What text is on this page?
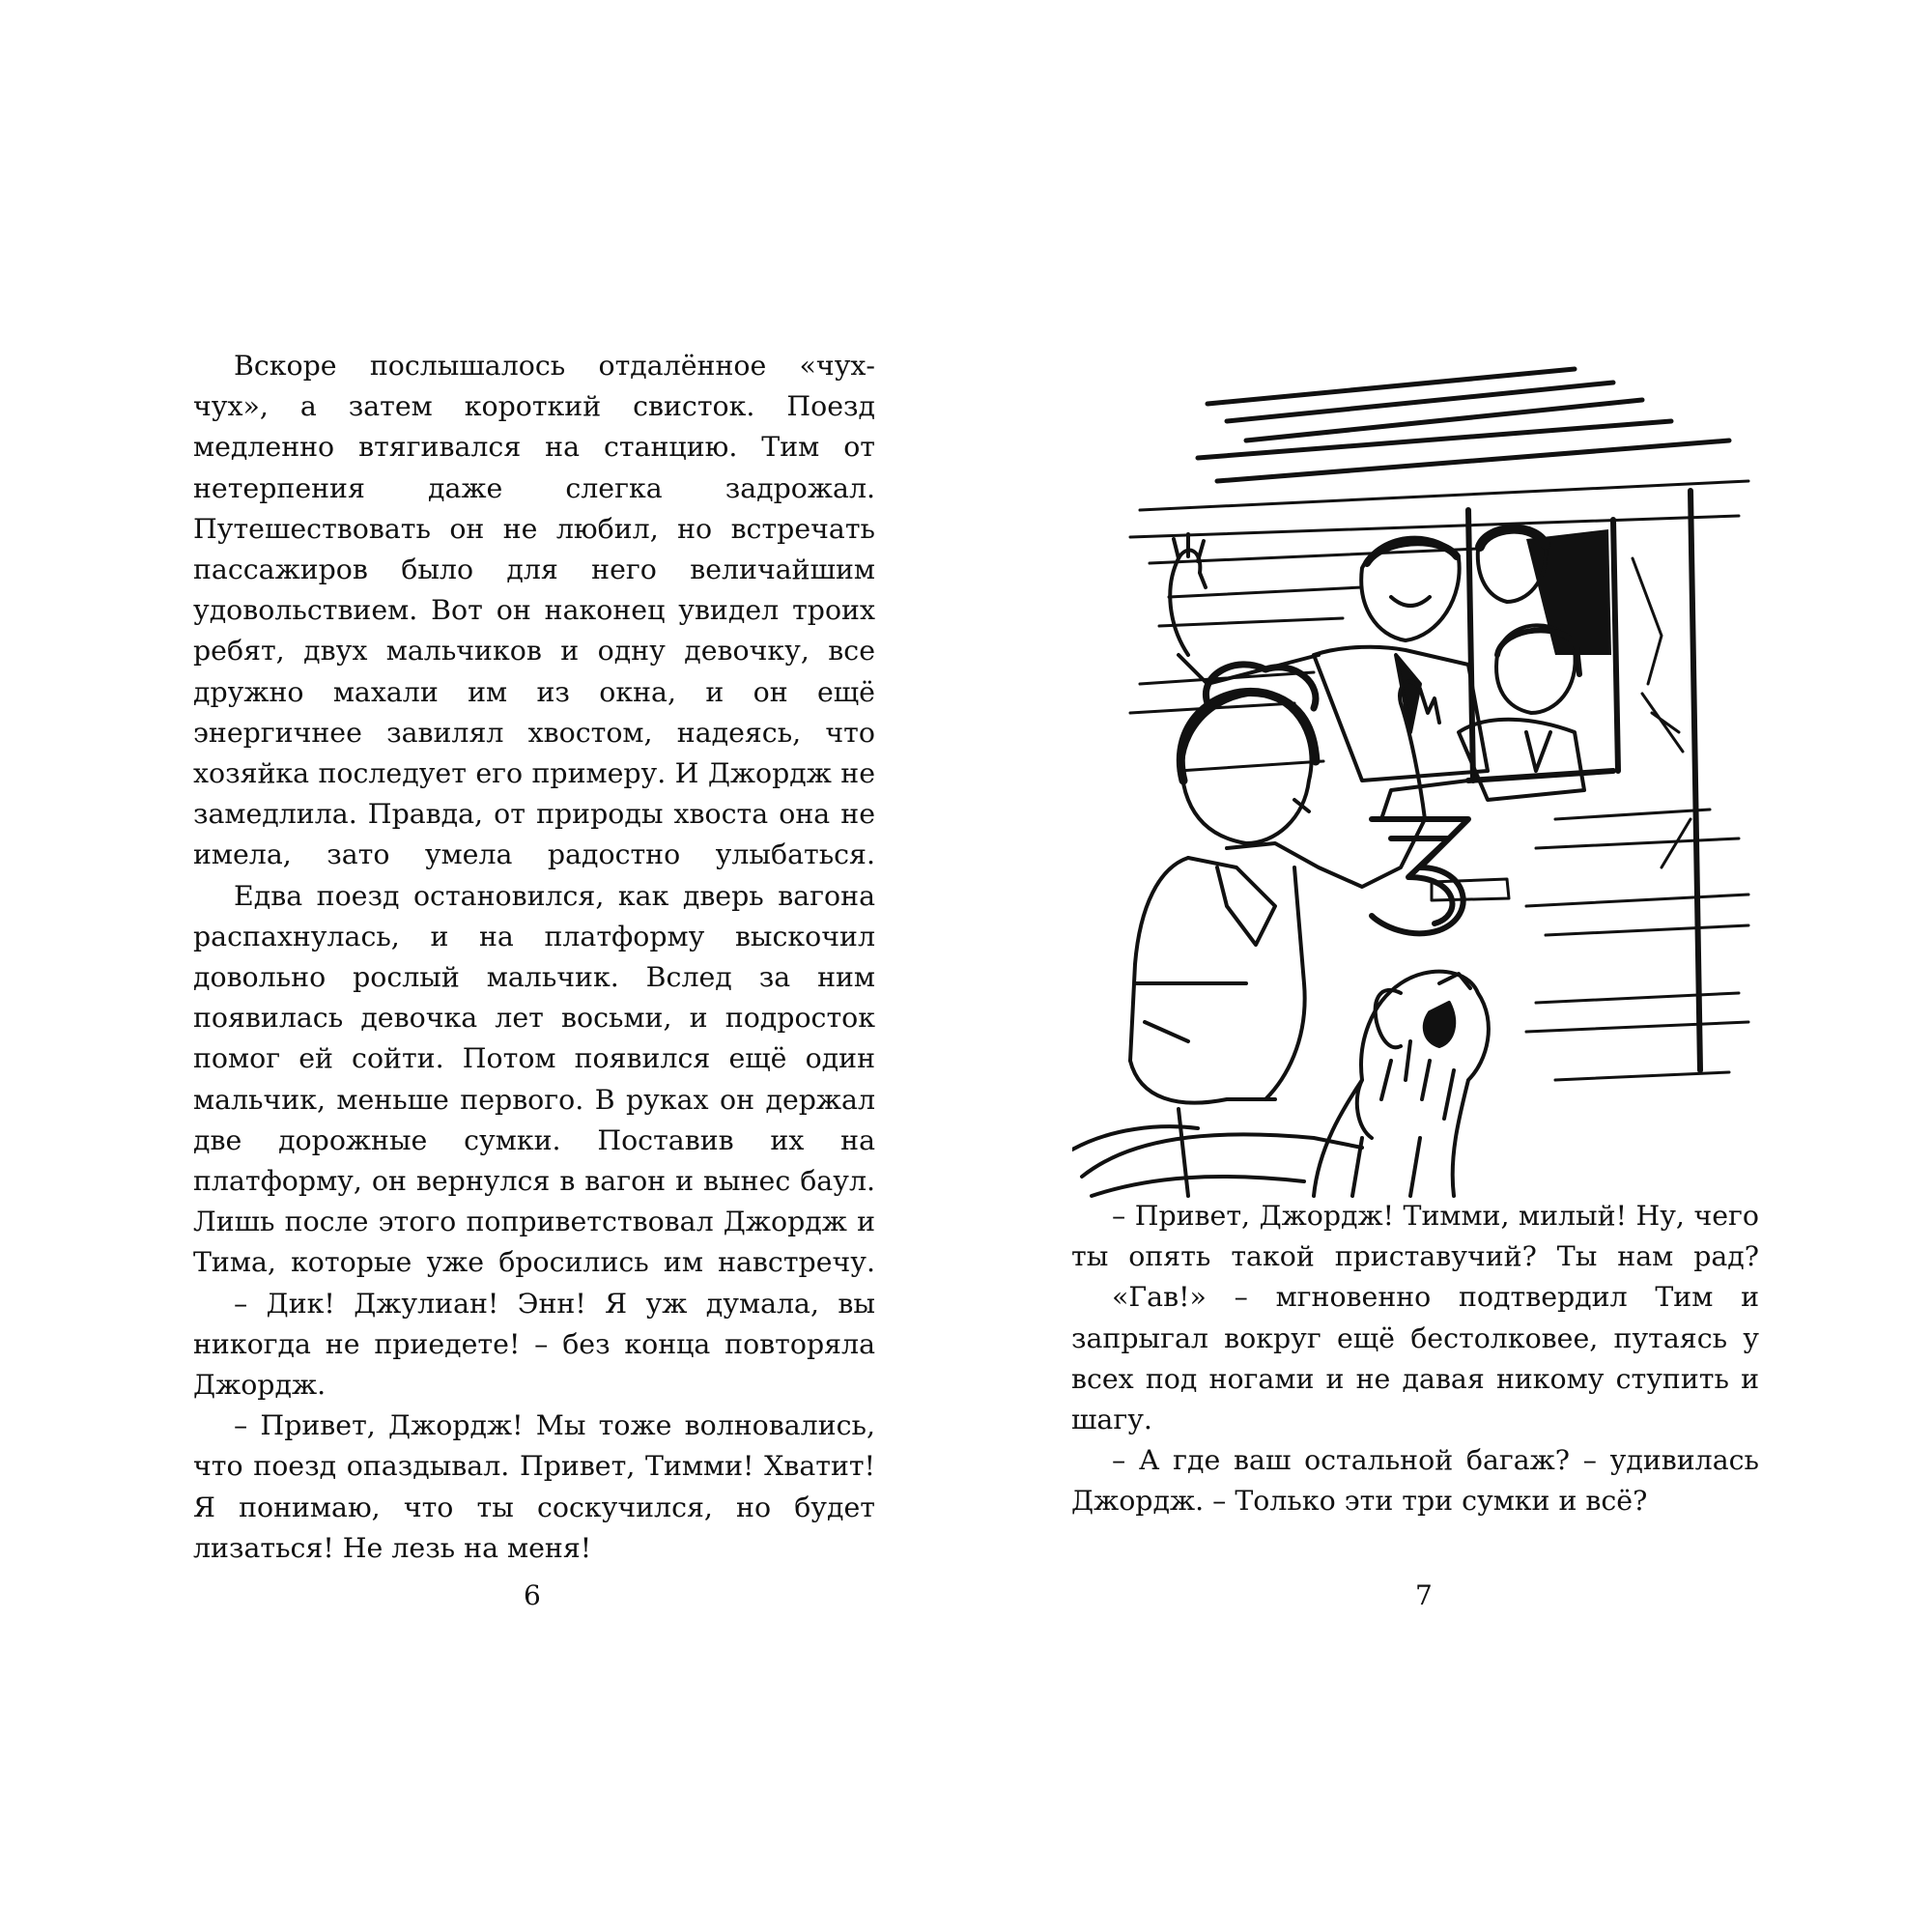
Вскоре послышалось отдалённое «чух-чух», а затем короткий свисток. Поезд медленно втягивался на станцию. Тим от нетерпения даже слегка задрожал. Путешествовать он не любил, но встречать пассажиров было для него величайшим удовольствием. Вот он наконец увидел троих ребят, двух мальчиков и одну девочку, все дружно махали им из окна, и он ещё энергичнее завилял хвостом, надеясь, что хозяйка последует его примеру. И Джордж не замедлила. Правда, от природы хвоста она не имела, зато умела радостно улыбаться.

Едва поезд остановился, как дверь вагона распахнулась, и на платформу выскочил довольно рослый мальчик. Вслед за ним появилась девочка лет восьми, и подросток помог ей сойти. Потом появился ещё один мальчик, меньше первого. В руках он держал две дорожные сумки. Поставив их на платформу, он вернулся в вагон и вынес баул. Лишь после этого поприветствовал Джордж и Тима, которые уже бросились им навстречу.

– Дик! Джулиан! Энн! Я уж думала, вы никогда не приедете! – без конца повторяла Джордж.

– Привет, Джордж! Мы тоже волновались, что поезд опаздывал. Привет, Тимми! Хватит! Я понимаю, что ты соскучился, но будет лизаться! Не лезь на меня!

6
3

– Привет, Джордж! Тимми, милый! Ну, чего ты опять такой приставучий? Ты нам рад?

«Гав!» – мгновенно подтвердил Тим и запрыгал вокруг ещё бестолковее, путаясь у всех под ногами и не давая никому ступить и шагу.

– А где ваш остальной багаж? – удивилась Джордж. – Только эти три сумки и всё?

7
